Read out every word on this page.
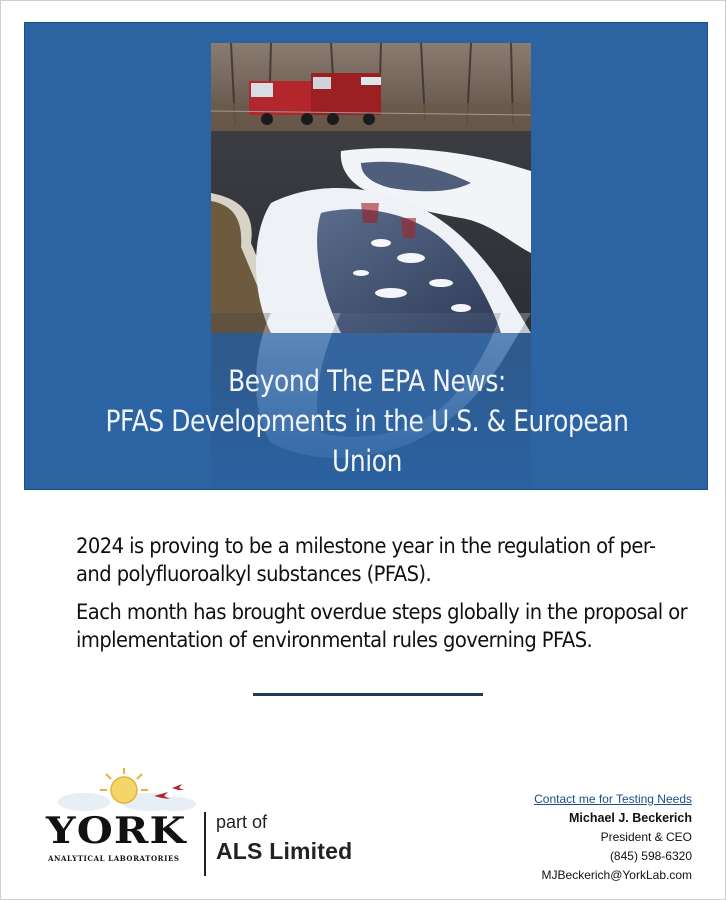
Beyond The EPA News:
PFAS Developments in the U.S. & European Union

2024 is proving to be a milestone year in the regulation of per- and polyfluoroalkyl substances (PFAS).

Each month has brought overdue steps globally in the proposal or implementation of environmental rules governing PFAS.

YORK
ANALYTICAL LABORATORIES
part of
ALS Limited
Contact me for Testing Needs
Michael J. Beckerich
President & CEO
(845) 598-6320
MJBeckerich@YorkLab.com
